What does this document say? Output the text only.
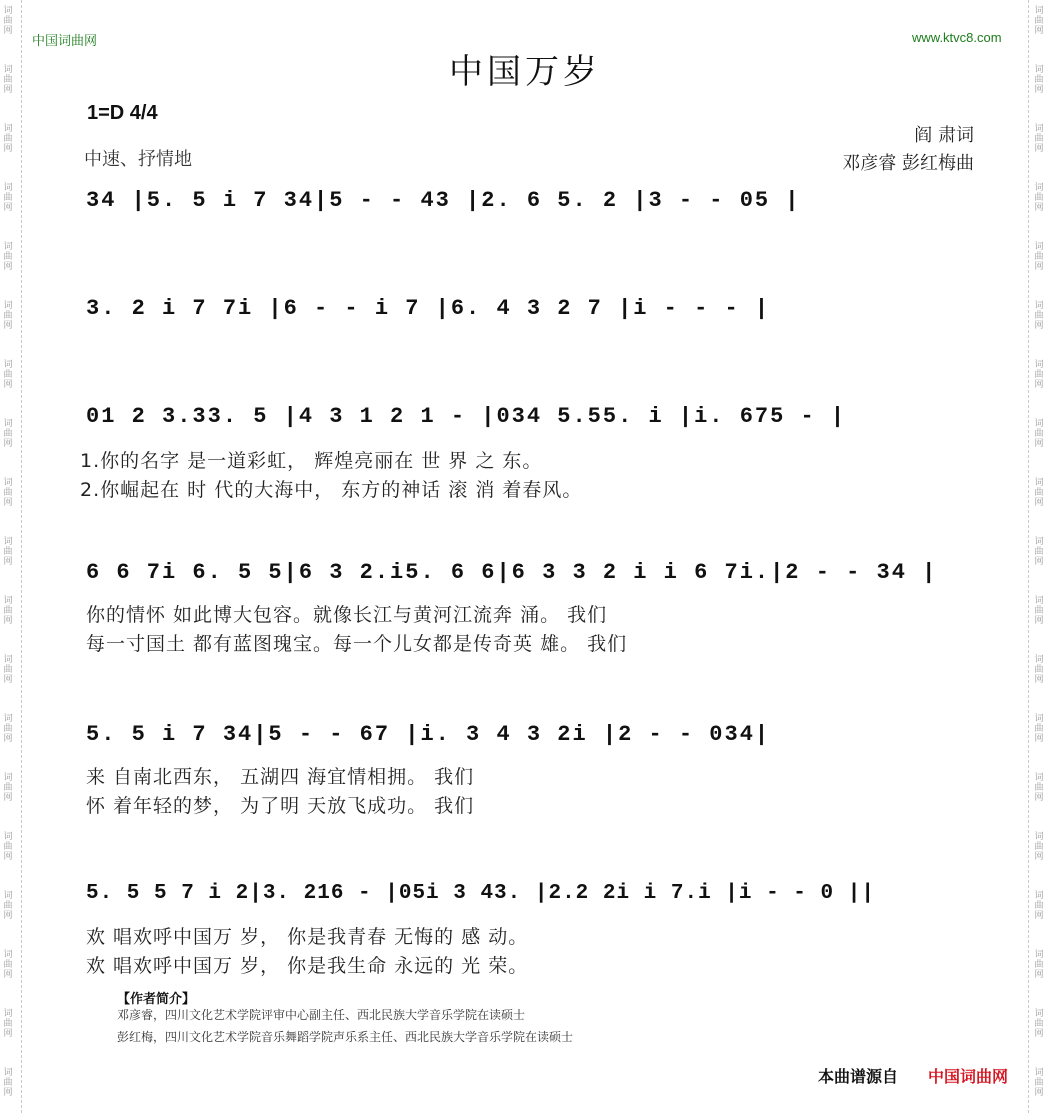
词
曲
网
词
曲
网
词
曲
网
词
曲
网
词
曲
网
词
曲
网
词
曲
网
词
曲
网
词
曲
网
词
曲
网
词
曲
网
词
曲
网
词
曲
网
词
曲
网
词
曲
网
词
曲
网
词
曲
网
词
曲
网
词
曲
网
词
曲
网
词
曲
网
词
曲
网
词
曲
网
词
曲
网
词
曲
网
词
曲
网
词
曲
网
词
曲
网
词
曲
网
词
曲
网
词
曲
网
词
曲
网
词
曲
网
词
曲
网
词
曲
网
词
曲
网
词
曲
网
词
曲
网
中国词曲网	www.ktvc8.com
中国万岁
1=D 4/4
中速、抒情地
阎 肃词
邓彦睿 彭红梅曲
34 |5. 5 i 7 34|5 - - 43 |2. 6 5. 2 |3 - - 05 |
3. 2 i 7 7i |6 - - i 7 |6. 4 3 2 7 |i - - - |
01 2 3.33. 5 |4 3 1 2 1 - |034 5.55. i |i. 675 - |
1.你的名字 是一道彩虹， 辉煌亮丽在 世 界 之 东。
2.你崛起在 时 代的大海中， 东方的神话 滚 消 着春风。
6 6 7i 6. 5 5|6 3 2.i5. 6 6|6 3 3 2 i i 6 7i.|2 - - 34 |
你的情怀 如此博大包容。就像长江与黄河江流奔 涌。 我们
每一寸国土 都有蓝图瑰宝。每一个儿女都是传奇英 雄。 我们
5. 5 i 7 34|5 - - 67 |i. 3 4 3 2i |2 - - 034|
来 自南北西东， 五湖四 海宜情相拥。 我们
怀 着年轻的梦， 为了明 天放飞成功。 我们
5. 5 5 7 i 2|3. 216 - |05i 3 43. |2.2 2i i 7.i |i - - 0 ||
欢 唱欢呼中国万 岁， 你是我青春 无悔的 感 动。
欢 唱欢呼中国万 岁， 你是我生命 永远的 光 荣。
【作者简介】
邓彦睿，四川文化艺术学院评审中心副主任、西北民族大学音乐学院在读硕士
彭红梅，四川文化艺术学院音乐舞蹈学院声乐系主任、西北民族大学音乐学院在读硕士
本曲谱源自 中国词曲网
